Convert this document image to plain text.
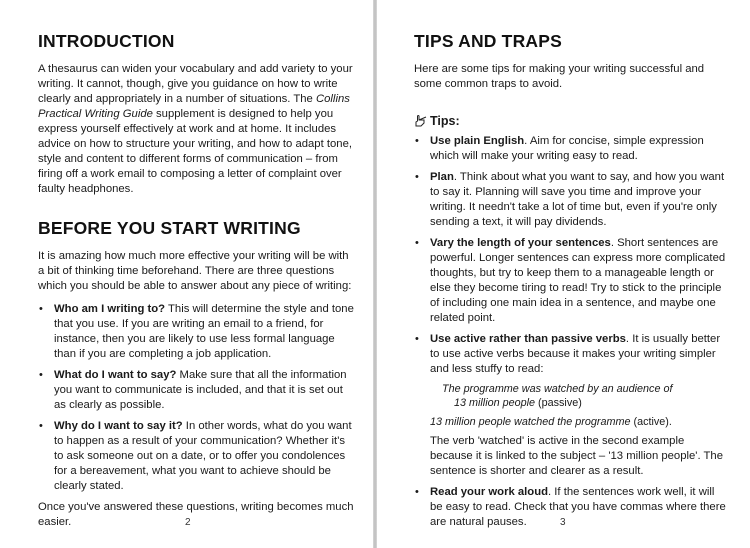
INTRODUCTION

A thesaurus can widen your vocabulary and add variety to your writing. It cannot, though, give you guidance on how to write clearly and appropriately in a number of situations. The Collins Practical Writing Guide supplement is designed to help you express yourself effectively at work and at home. It includes advice on how to structure your writing, and how to adapt tone, style and content to different forms of communication – from firing off a work email to composing a letter of complaint over faulty headphones.

BEFORE YOU START WRITING

It is amazing how much more effective your writing will be with a bit of thinking time beforehand. There are three questions which you should be able to answer about any piece of writing:

• Who am I writing to? This will determine the style and tone that you use. If you are writing an email to a friend, for instance, then you are likely to use less formal language than if you are completing a job application.
• What do I want to say? Make sure that all the information you want to communicate is included, and that it is set out as clearly as possible.
• Why do I want to say it? In other words, what do you want to happen as a result of your communication? Whether it's to ask someone out on a date, or to offer you condolences for a bereavement, what you want to achieve should be clearly stated.

Once you've answered these questions, writing becomes much easier.	2
TIPS AND TRAPS

Here are some tips for making your writing successful and some common traps to avoid.

Tips:
• Use plain English. Aim for concise, simple expression which will make your writing easy to read.
• Plan. Think about what you want to say, and how you want to say it. Planning will save you time and improve your writing. It needn't take a lot of time but, even if you're only sending a text, it will pay dividends.
• Vary the length of your sentences. Short sentences are powerful. Longer sentences can express more complicated thoughts, but try to keep them to a manageable length or else they become tiring to read! Try to stick to the principle of including one main idea in a sentence, and maybe one related point.
• Use active rather than passive verbs. It is usually better to use active verbs because it makes your writing simpler and less stuffy to read:
The programme was watched by an audience of
13 million people (passive)
13 million people watched the programme (active).
The verb 'watched' is active in the second example because it is linked to the subject – '13 million people'. The sentence is shorter and clearer as a result.
• Read your work aloud. If the sentences work well, it will be easy to read. Check that you have commas where there are natural pauses.	3
